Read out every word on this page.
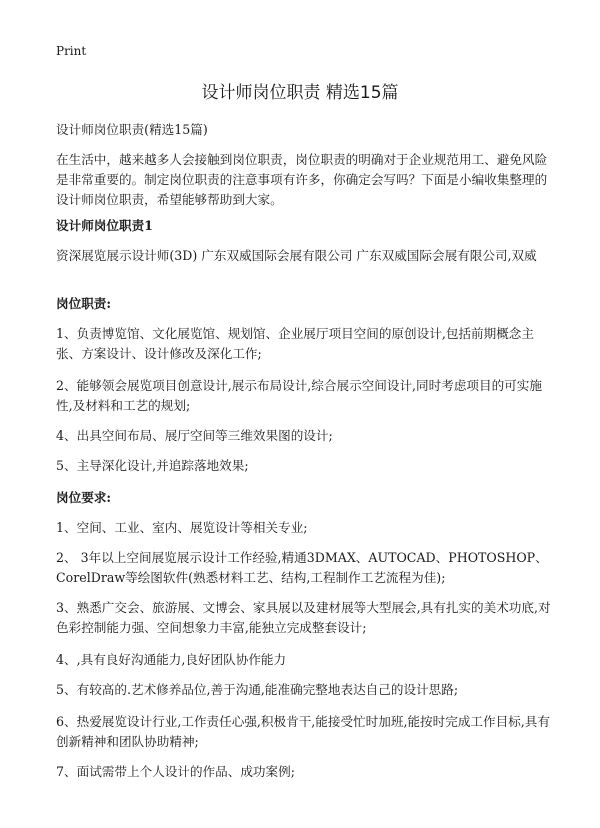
Print
设计师岗位职责 精选15篇

设计师岗位职责(精选15篇)

在生活中，越来越多人会接触到岗位职责，岗位职责的明确对于企业规范用工、避免风险是非常重要的。制定岗位职责的注意事项有许多，你确定会写吗？下面是小编收集整理的设计师岗位职责，希望能够帮助到大家。

设计师岗位职责1

资深展览展示设计师(3D) 广东双威国际会展有限公司 广东双威国际会展有限公司,双威

岗位职责:

1、负责博览馆、文化展览馆、规划馆、企业展厅项目空间的原创设计,包括前期概念主张、方案设计、设计修改及深化工作;

2、能够领会展览项目创意设计,展示布局设计,综合展示空间设计,同时考虑项目的可实施性,及材料和工艺的规划;

4、出具空间布局、展厅空间等三维效果图的设计;

5、主导深化设计,并追踪落地效果;

岗位要求:

1、空间、工业、室内、展览设计等相关专业;

2、 3年以上空间展览展示设计工作经验,精通3DMAX、AUTOCAD、PHOTOSHOP、CorelDraw等绘图软件(熟悉材料工艺、结构,工程制作工艺流程为佳);

3、熟悉广交会、旅游展、文博会、家具展以及建材展等大型展会,具有扎实的美术功底,对色彩控制能力强、空间想象力丰富,能独立完成整套设计;

4、,具有良好沟通能力,良好团队协作能力

5、有较高的.艺术修养品位,善于沟通,能准确完整地表达自己的设计思路;

6、热爱展览设计行业,工作责任心强,积极肯干,能接受忙时加班,能按时完成工作目标,具有创新精神和团队协助精神;

7、面试需带上个人设计的作品、成功案例;
